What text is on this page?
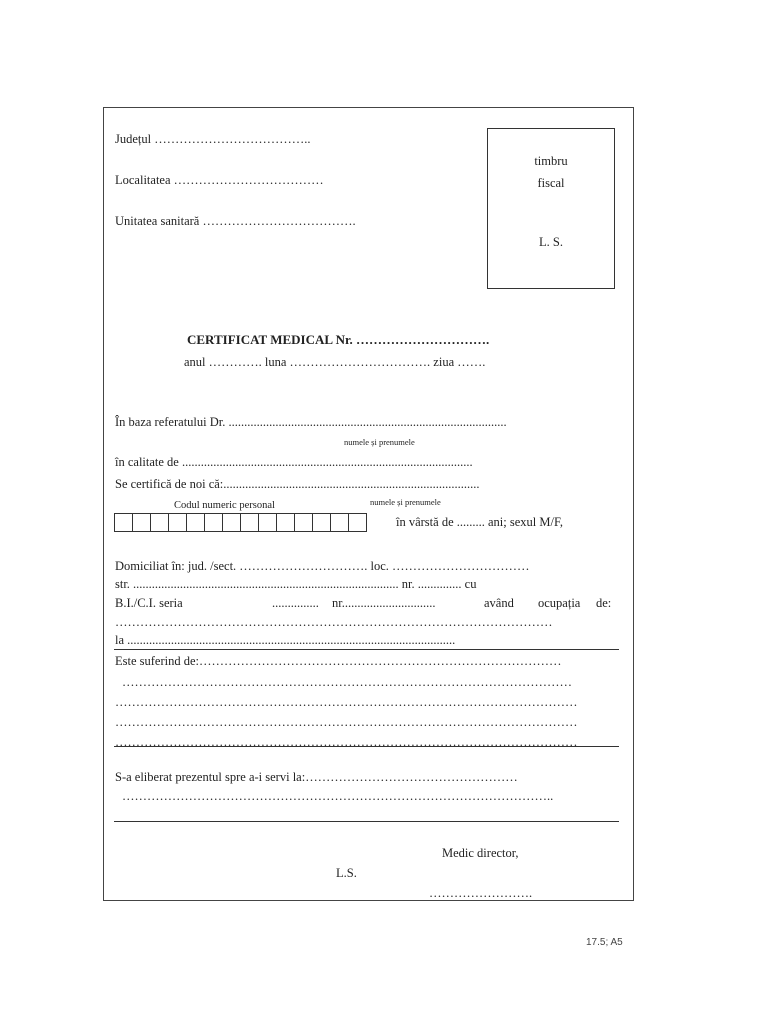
Județul ………………………………..
Localitatea ………………………………
Unitatea sanitară ……………………………….
timbru
fiscal
L. S.
CERTIFICAT MEDICAL Nr. ………………………….
anul …………. luna ……………………………. ziua …….
În baza referatului Dr. .........................................................................................
numele și prenumele
în calitate de .............................................................................................
Se certifică de noi că:..................................................................................
numele și prenumele
Codul numeric personal
în vârstă de ......... ani; sexul M/F,
Domiciliat în: jud. /sect. …………………………. loc. ……………………………
str. ..................................................................................... nr. .............. cu
B.I./C.I. seria	............... nr..............................	având ocupația de:
……………………………………………………………………………………………
la .........................................................................................................
Este suferind de:……………………………………………………………………………
………………………………………………………………………………………………
…………………………………………………………………………………………………
…………………………………………………………………………………………………
…………………………………………………………………………………………………
S-a eliberat prezentul spre a-i servi la:……………………………………………
…………………………………………………………………………………………..
Medic director,
L.S.
…………………….
17.5; A5
